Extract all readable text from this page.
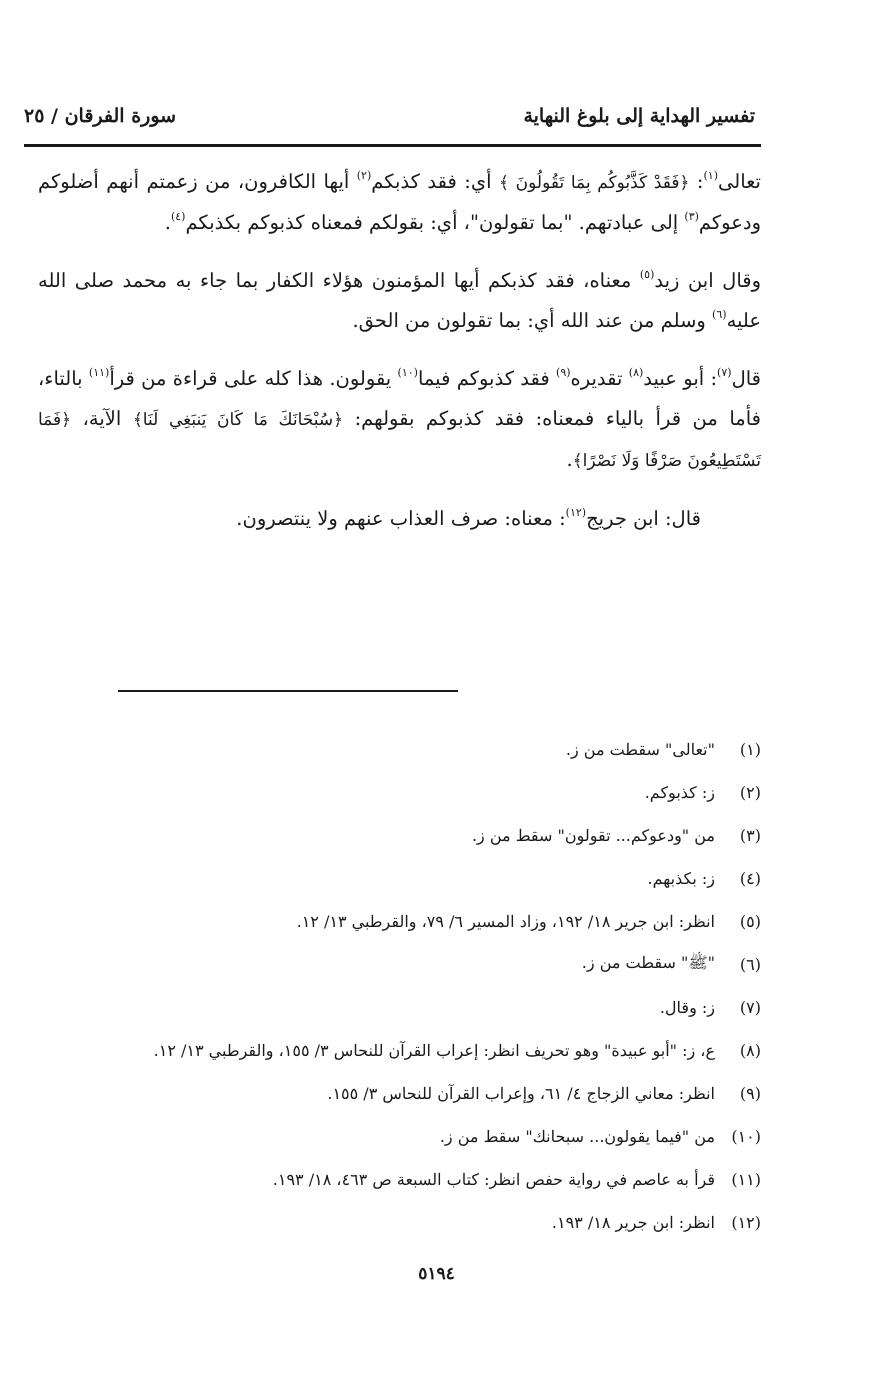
تفسير الهداية إلى بلوغ النهاية
سورة الفرقان / ٢٥

تعالى$^{(١)}$: ﴿فَقَدْ كَذَّبُوكُم بِمَا تَقُولُونَ ﴾ أي: فقد كذبكم$^{(٢)}$ أيها الكافرون، من زعمتم أنهم أضلوكم ودعوكم$^{(٣)}$ إلى عبادتهم. "بما تقولون"، أي: بقولكم فمعناه كذبوكم بكذبكم$^{(٤)}$.

وقال ابن زيد$^{(٥)}$ معناه، فقد كذبكم أيها المؤمنون هؤلاء الكفار بما جاء به محمد صلى الله عليه$^{(٦)}$ وسلم من عند الله أي: بما تقولون من الحق.

قال$^{(٧)}$: أبو عبيد$^{(٨)}$ تقديره$^{(٩)}$ فقد كذبوكم فيما$^{(١٠)}$ يقولون. هذا كله على قراءة من قرأ$^{(١١)}$ بالتاء، فأما من قرأ بالياء فمعناه: فقد كذبوكم بقولهم: ﴿سُبْحَانَكَ مَا كَانَ يَنبَغِي لَنَا﴾ الآية، ﴿فَمَا تَسْتَطِيعُونَ صَرْفًا وَلَا نَصْرًا﴾.

قال: ابن جريج$^{(١٢)}$: معناه: صرف العذاب عنهم ولا ينتصرون.

(١)
"تعالى" سقطت من ز.
(٢)
ز: كذبوكم.
(٣)
من "ودعوكم... تقولون" سقط من ز.
(٤)
ز: بكذبهم.
(٥)
انظر: ابن جرير ١٨/ ١٩٢، وزاد المسير ٦/ ٧٩، والقرطبي ١٣/ ١٢.
(٦)
"ﷺ" سقطت من ز.
(٧)
ز: وقال.
(٨)
ع، ز: "أبو عبيدة" وهو تحريف انظر: إعراب القرآن للنحاس ٣/ ١٥٥، والقرطبي ١٣/ ١٢.
(٩)
انظر: معاني الزجاج ٤/ ٦١، وإعراب القرآن للنحاس ٣/ ١٥٥.
(١٠)
من "فيما يقولون... سبحانك" سقط من ز.
(١١)
قرأ به عاصم في رواية حفص انظر: كتاب السبعة ص ٤٦٣، ١٨/ ١٩٣.
(١٢)
انظر: ابن جرير ١٨/ ١٩٣.
٥١٩٤
